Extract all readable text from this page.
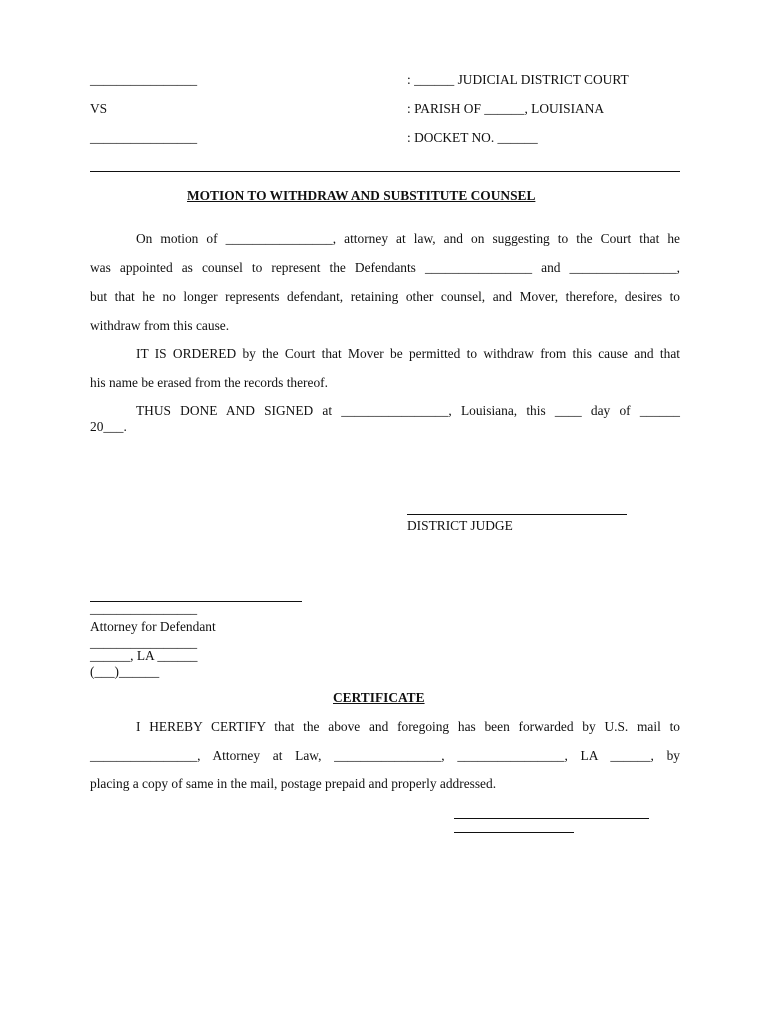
________________	: ______ JUDICIAL DISTRICT COURT
VS	: PARISH OF ______, LOUISIANA
________________	: DOCKET NO. ______
MOTION TO WITHDRAW AND SUBSTITUTE COUNSEL
On motion of ________________, attorney at law, and on suggesting to the Court that he
was appointed as counsel to represent the Defendants ________________ and ________________,
but that he no longer represents defendant, retaining other counsel, and Mover, therefore, desires to
withdraw from this cause.
IT IS ORDERED by the Court that Mover be permitted to withdraw from this cause and that
his name be erased from the records thereof.
THUS DONE AND SIGNED at ________________, Louisiana, this ____ day of ______
20___.
DISTRICT JUDGE
________________
Attorney for Defendant
________________
______, LA ______
(___)______
CERTIFICATE
I HEREBY CERTIFY that the above and foregoing has been forwarded by U.S. mail to
________________, Attorney at Law, ________________, ________________, LA ______, by
placing a copy of same in the mail, postage prepaid and properly addressed.
